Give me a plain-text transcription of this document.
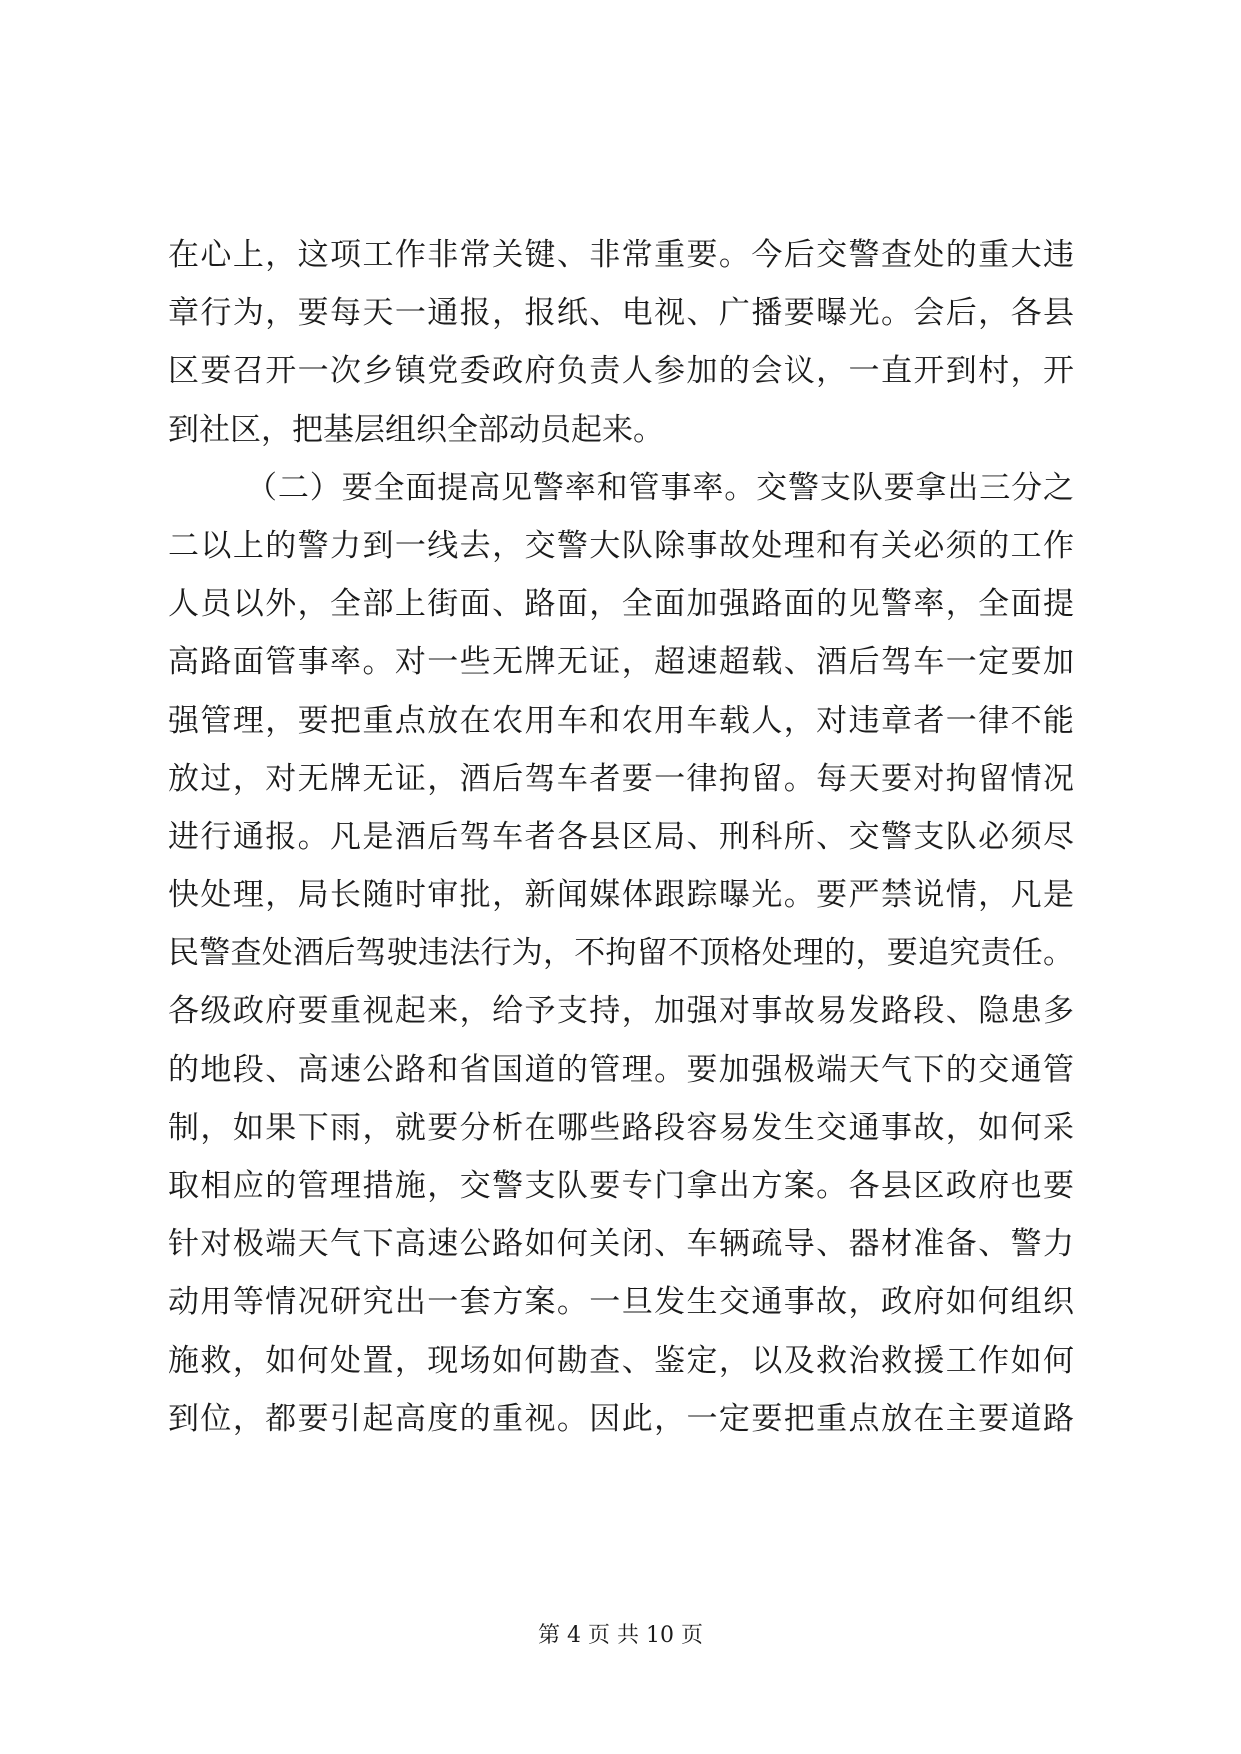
在心上，这项工作非常关键、非常重要。今后交警查处的重大违
章行为，要每天一通报，报纸、电视、广播要曝光。会后，各县
区要召开一次乡镇党委政府负责人参加的会议，一直开到村，开
到社区，把基层组织全部动员起来。
（二）要全面提高见警率和管事率。交警支队要拿出三分之
二以上的警力到一线去，交警大队除事故处理和有关必须的工作
人员以外，全部上街面、路面，全面加强路面的见警率，全面提
高路面管事率。对一些无牌无证，超速超载、酒后驾车一定要加
强管理，要把重点放在农用车和农用车载人，对违章者一律不能
放过，对无牌无证，酒后驾车者要一律拘留。每天要对拘留情况
进行通报。凡是酒后驾车者各县区局、刑科所、交警支队必须尽
快处理，局长随时审批，新闻媒体跟踪曝光。要严禁说情，凡是
民警查处酒后驾驶违法行为，不拘留不顶格处理的，要追究责任。
各级政府要重视起来，给予支持，加强对事故易发路段、隐患多
的地段、高速公路和省国道的管理。要加强极端天气下的交通管
制，如果下雨，就要分析在哪些路段容易发生交通事故，如何采
取相应的管理措施，交警支队要专门拿出方案。各县区政府也要
针对极端天气下高速公路如何关闭、车辆疏导、器材准备、警力
动用等情况研究出一套方案。一旦发生交通事故，政府如何组织
施救，如何处置，现场如何勘查、鉴定，以及救治救援工作如何
到位，都要引起高度的重视。因此，一定要把重点放在主要道路
第 4 页 共 10 页
